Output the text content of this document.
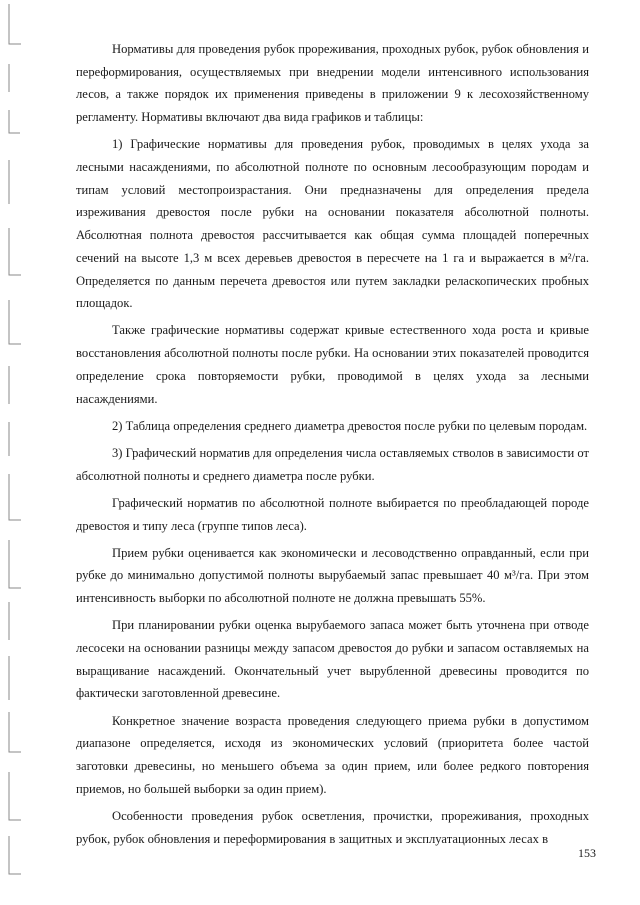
Нормативы для проведения рубок прореживания, проходных рубок, рубок обновления и переформирования, осуществляемых при внедрении модели интенсивного использования лесов, а также порядок их применения приведены в приложении 9 к лесохозяйственному регламенту. Нормативы включают два вида графиков и таблицы:

1) Графические нормативы для проведения рубок, проводимых в целях ухода за лесными насаждениями, по абсолютной полноте по основным лесообразующим породам и типам условий местопроизрастания. Они предназначены для определения предела изреживания древостоя после рубки на основании показателя абсолютной полноты. Абсолютная полнота древостоя рассчитывается как общая сумма площадей поперечных сечений на высоте 1,3 м всех деревьев древостоя в пересчете на 1 га и выражается в м²/га. Определяется по данным перечета древостоя или путем закладки реласкопических пробных площадок.

Также графические нормативы содержат кривые естественного хода роста и кривые восстановления абсолютной полноты после рубки. На основании этих показателей проводится определение срока повторяемости рубки, проводимой в целях ухода за лесными насаждениями.

2) Таблица определения среднего диаметра древостоя после рубки по целевым породам.

3) Графический норматив для определения числа оставляемых стволов в зависимости от абсолютной полноты и среднего диаметра после рубки.

Графический норматив по абсолютной полноте выбирается по преобладающей породе древостоя и типу леса (группе типов леса).

Прием рубки оценивается как экономически и лесоводственно оправданный, если при рубке до минимально допустимой полноты вырубаемый запас превышает 40 м³/га. При этом интенсивность выборки по абсолютной полноте не должна превышать 55%.

При планировании рубки оценка вырубаемого запаса может быть уточнена при отводе лесосеки на основании разницы между запасом древостоя до рубки и запасом оставляемых на выращивание насаждений. Окончательный учет вырубленной древесины проводится по фактически заготовленной древесине.

Конкретное значение возраста проведения следующего приема рубки в допустимом диапазоне определяется, исходя из экономических условий (приоритета более частой заготовки древесины, но меньшего объема за один прием, или более редкого повторения приемов, но большей выборки за один прием).

Особенности проведения рубок осветления, прочистки, прореживания, проходных рубок, рубок обновления и переформирования в защитных и эксплуатационных лесах в

153
